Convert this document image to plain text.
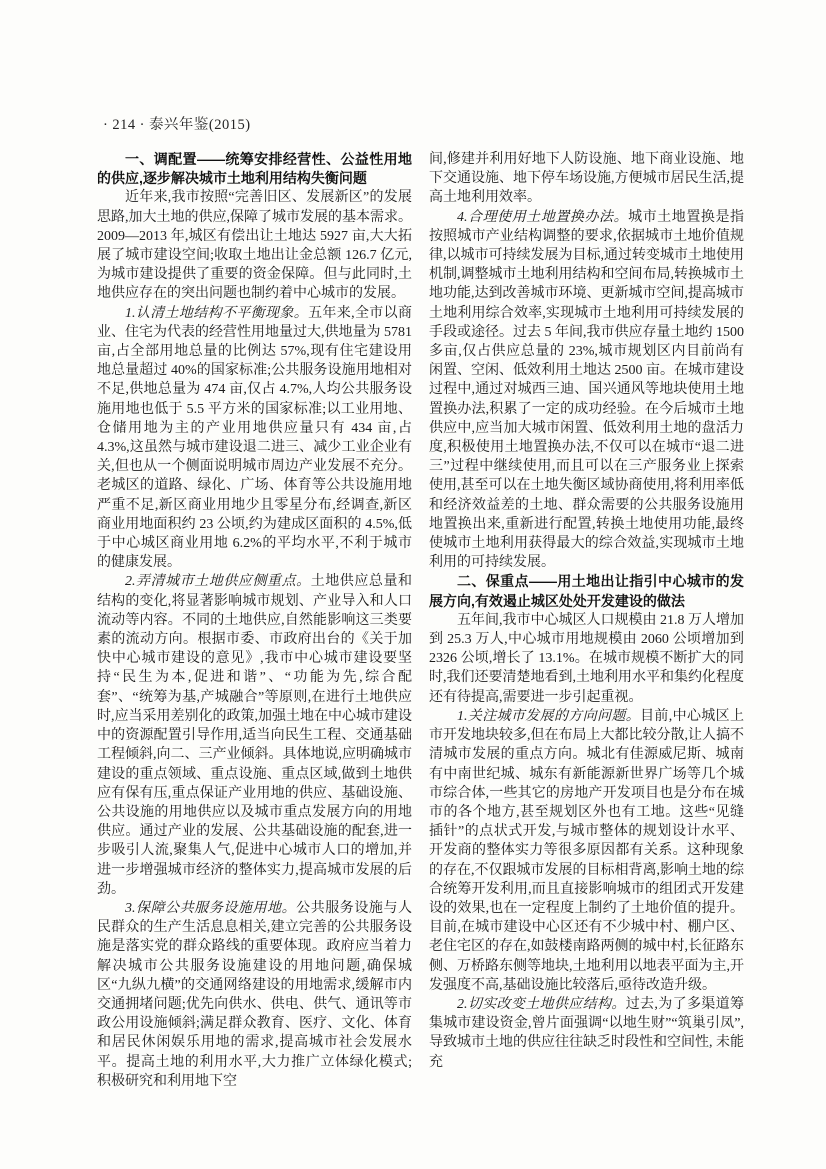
· 214 · 泰兴年鉴(2015)

一、调配置——统筹安排经营性、公益性用地的供应,逐步解决城市土地利用结构失衡问题

近年来,我市按照“完善旧区、发展新区”的发展思路,加大土地的供应,保障了城市发展的基本需求。2009—2013 年,城区有偿出让土地达 5927 亩,大大拓展了城市建设空间;收取土地出让金总额 126.7 亿元,为城市建设提供了重要的资金保障。但与此同时,土地供应存在的突出问题也制约着中心城市的发展。

1.认清土地结构不平衡现象。五年来,全市以商业、住宅为代表的经营性用地量过大,供地量为 5781 亩,占全部用地总量的比例达 57%,现有住宅建设用地总量超过 40%的国家标准;公共服务设施用地相对不足,供地总量为 474 亩,仅占 4.7%,人均公共服务设施用地也低于 5.5 平方米的国家标准;以工业用地、仓储用地为主的产业用地供应量只有 434 亩,占 4.3%,这虽然与城市建设退二进三、减少工业企业有关,但也从一个侧面说明城市周边产业发展不充分。老城区的道路、绿化、广场、体育等公共设施用地严重不足,新区商业用地少且零星分布,经调查,新区商业用地面积约 23 公顷,约为建成区面积的 4.5%,低于中心城区商业用地 6.2%的平均水平,不利于城市的健康发展。

2.弄清城市土地供应侧重点。土地供应总量和结构的变化,将显著影响城市规划、产业导入和人口流动等内容。不同的土地供应,自然能影响这三类要素的流动方向。根据市委、市政府出台的《关于加快中心城市建设的意见》,我市中心城市建设要坚持“民生为本,促进和谐”、“功能为先,综合配套”、“统筹为基,产城融合”等原则,在进行土地供应时,应当采用差别化的政策,加强土地在中心城市建设中的资源配置引导作用,适当向民生工程、交通基础工程倾斜,向二、三产业倾斜。具体地说,应明确城市建设的重点领域、重点设施、重点区域,做到土地供应有保有压,重点保证产业用地的供应、基础设施、公共设施的用地供应以及城市重点发展方向的用地供应。通过产业的发展、公共基础设施的配套,进一步吸引人流,聚集人气,促进中心城市人口的增加,并进一步增强城市经济的整体实力,提高城市发展的后劲。

3.保障公共服务设施用地。公共服务设施与人民群众的生产生活息息相关,建立完善的公共服务设施是落实党的群众路线的重要体现。政府应当着力解决城市公共服务设施建设的用地问题,确保城区“九纵九横”的交通网络建设的用地需求,缓解市内交通拥堵问题;优先向供水、供电、供气、通讯等市政公用设施倾斜;满足群众教育、医疗、文化、体育和居民休闲娱乐用地的需求,提高城市社会发展水平。提高土地的利用水平,大力推广立体绿化模式;积极研究和利用地下空

间,修建并利用好地下人防设施、地下商业设施、地下交通设施、地下停车场设施,方便城市居民生活,提高土地利用效率。

4.合理使用土地置换办法。城市土地置换是指按照城市产业结构调整的要求,依据城市土地价值规律,以城市可持续发展为目标,通过转变城市土地使用机制,调整城市土地利用结构和空间布局,转换城市土地功能,达到改善城市环境、更新城市空间,提高城市土地利用综合效率,实现城市土地利用可持续发展的手段或途径。过去 5 年间,我市供应存量土地约 1500 多亩,仅占供应总量的 23%,城市规划区内目前尚有闲置、空闲、低效利用土地达 2500 亩。在城市建设过程中,通过对城西三迪、国兴通风等地块使用土地置换办法,积累了一定的成功经验。在今后城市土地供应中,应当加大城市闲置、低效利用土地的盘活力度,积极使用土地置换办法,不仅可以在城市“退二进三”过程中继续使用,而且可以在三产服务业上探索使用,甚至可以在土地失衡区域协商使用,将利用率低和经济效益差的土地、群众需要的公共服务设施用地置换出来,重新进行配置,转换土地使用功能,最终使城市土地利用获得最大的综合效益,实现城市土地利用的可持续发展。

二、保重点——用土地出让指引中心城市的发展方向,有效遏止城区处处开发建设的做法

五年间,我市中心城区人口规模由 21.8 万人增加到 25.3 万人,中心城市用地规模由 2060 公顷增加到 2326 公顷,增长了 13.1%。在城市规模不断扩大的同时,我们还要清楚地看到,土地利用水平和集约化程度还有待提高,需要进一步引起重视。

1.关注城市发展的方向问题。目前,中心城区上市开发地块较多,但在布局上大都比较分散,让人搞不清城市发展的重点方向。城北有佳源威尼斯、城南有中南世纪城、城东有新能源新世界广场等几个城市综合体,一些其它的房地产开发项目也是分布在城市的各个地方,甚至规划区外也有工地。这些“见缝插针”的点状式开发,与城市整体的规划设计水平、开发商的整体实力等很多原因都有关系。这种现象的存在,不仅跟城市发展的目标相背离,影响土地的综合统筹开发利用,而且直接影响城市的组团式开发建设的效果,也在一定程度上制约了土地价值的提升。目前,在城市建设中心区还有不少城中村、棚户区、老住宅区的存在,如鼓楼南路两侧的城中村,长征路东侧、万桥路东侧等地块,土地利用以地表平面为主,开发强度不高,基础设施比较落后,亟待改造升级。

2.切实改变土地供应结构。过去,为了多渠道筹集城市建设资金,曾片面强调“以地生财”“筑巢引凤”,导致城市土地的供应往往缺乏时段性和空间性, 未能充
